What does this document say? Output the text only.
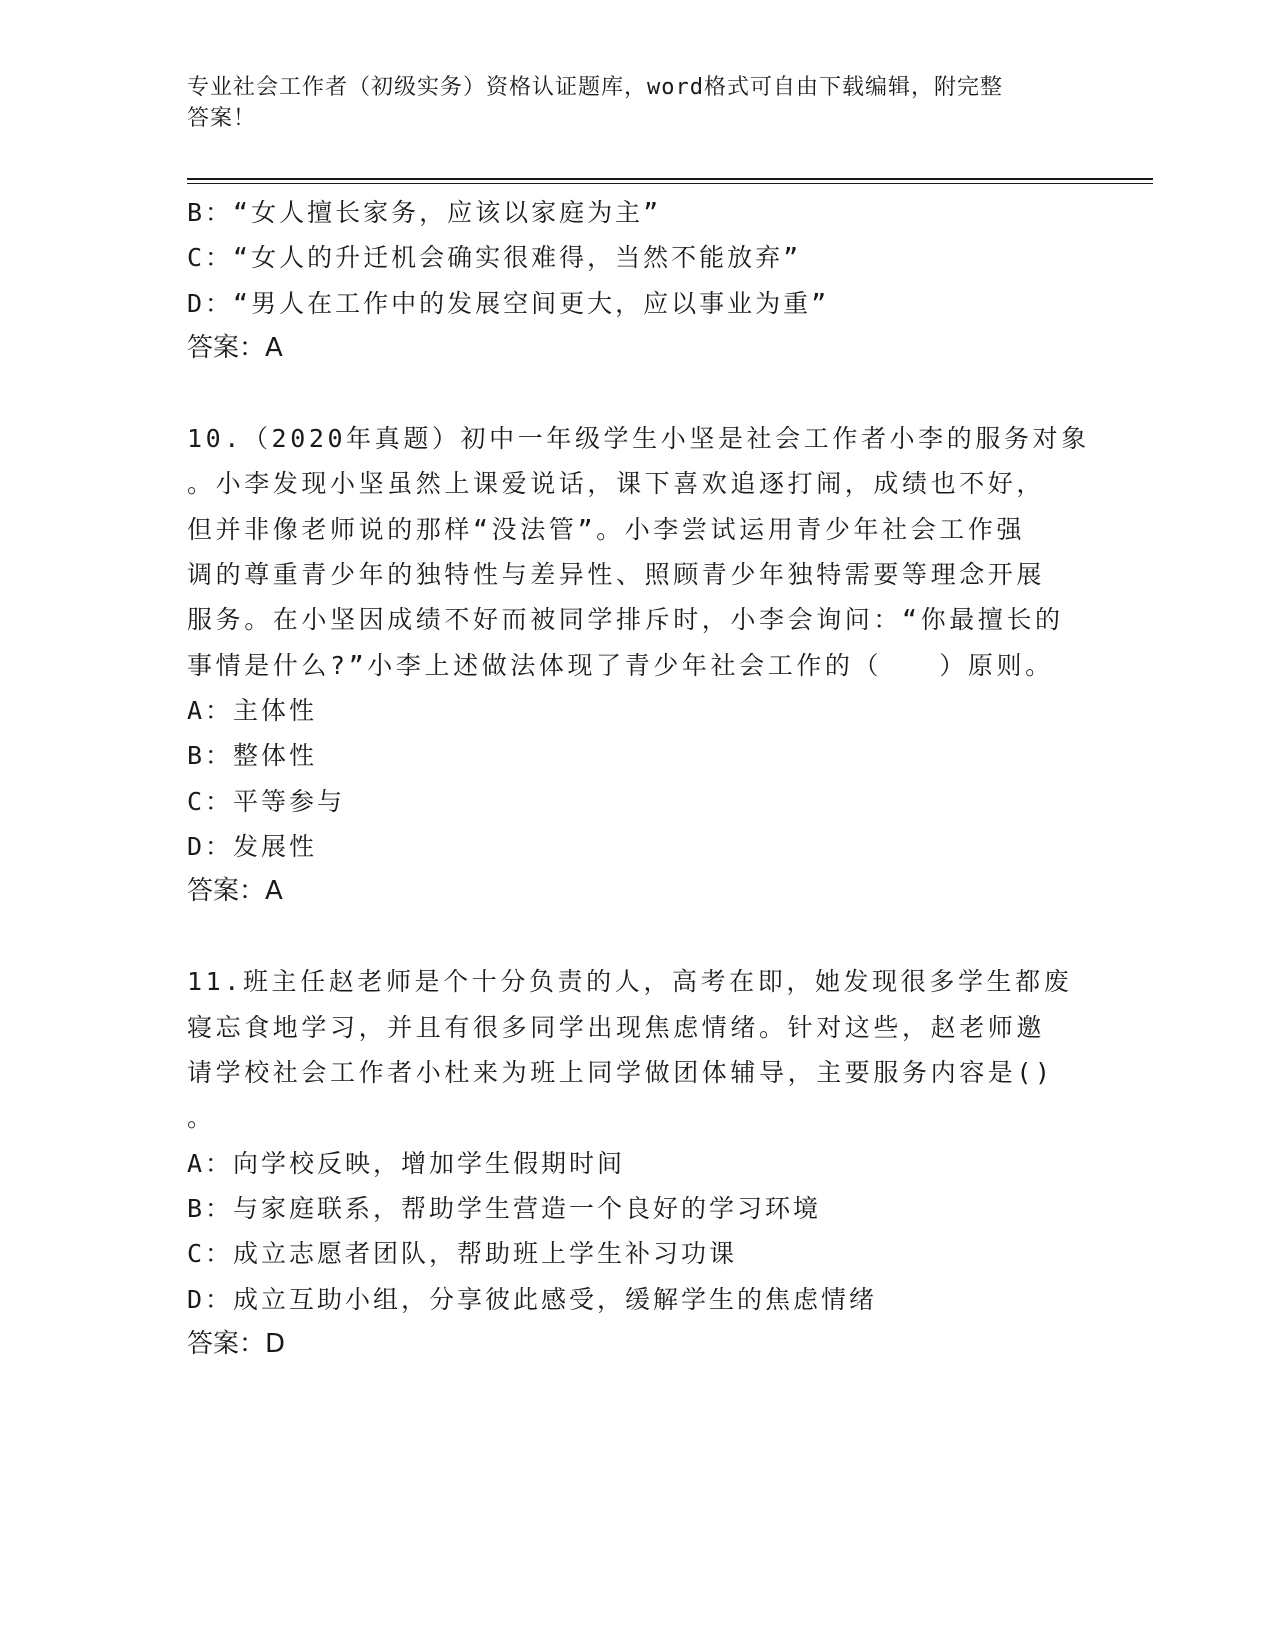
专业社会工作者（初级实务）资格认证题库，word格式可自由下载编辑，附完整
答案！
B：“女人擅长家务，应该以家庭为主”
C：“女人的升迁机会确实很难得，当然不能放弃”
D：“男人在工作中的发展空间更大，应以事业为重”
答案：A
10.（2020年真题）初中一年级学生小坚是社会工作者小李的服务对象
。小李发现小坚虽然上课爱说话，课下喜欢追逐打闹，成绩也不好，
但并非像老师说的那样“没法管”。小李尝试运用青少年社会工作强
调的尊重青少年的独特性与差异性、照顾青少年独特需要等理念开展
服务。在小坚因成绩不好而被同学排斥时，小李会询问：“你最擅长的
事情是什么?”小李上述做法体现了青少年社会工作的（　　）原则。
A：主体性
B：整体性
C：平等参与
D：发展性
答案：A
11.班主任赵老师是个十分负责的人，高考在即，她发现很多学生都废
寝忘食地学习，并且有很多同学出现焦虑情绪。针对这些，赵老师邀
请学校社会工作者小杜来为班上同学做团体辅导，主要服务内容是()
。
A：向学校反映，增加学生假期时间
B：与家庭联系，帮助学生营造一个良好的学习环境
C：成立志愿者团队，帮助班上学生补习功课
D：成立互助小组，分享彼此感受，缓解学生的焦虑情绪
答案：D
